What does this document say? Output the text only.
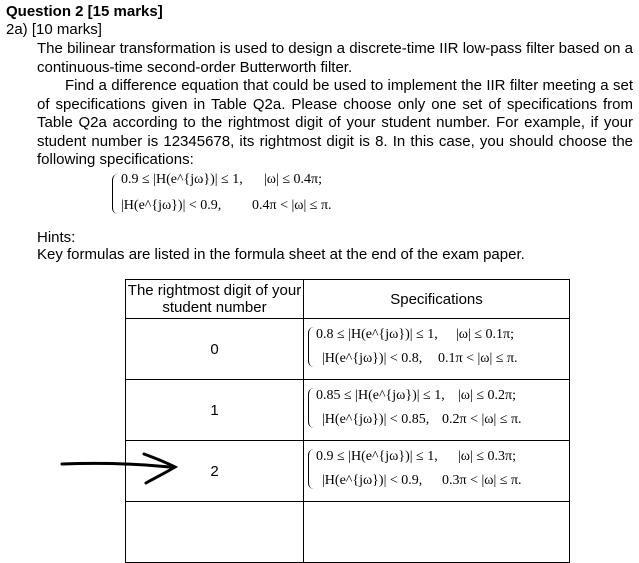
Question 2 [15 marks]
2a) [10 marks]
The bilinear transformation is used to design a discrete-time IIR low-pass filter based on a continuous-time second-order Butterworth filter.
Find a difference equation that could be used to implement the IIR filter meeting a set of specifications given in Table Q2a. Please choose only one set of specifications from Table Q2a according to the rightmost digit of your student number. For example, if your student number is 12345678, its rightmost digit is 8. In this case, you should choose the following specifications:
0.9 ≤ |H(e^{jω})| ≤ 1, |ω| ≤ 0.4π;
|H(e^{jω})| < 0.9, 0.4π < |ω| ≤ π.
Hints:
Key formulas are listed in the formula sheet at the end of the exam paper.
The rightmost digit of your student number	Specifications
0	0.8 ≤ |H(e^{jω})| ≤ 1, |ω| ≤ 0.1π;
|H(e^{jω})| < 0.8, 0.1π < |ω| ≤ π.

1	0.85 ≤ |H(e^{jω})| ≤ 1, |ω| ≤ 0.2π;
|H(e^{jω})| < 0.85, 0.2π < |ω| ≤ π.

2	0.9 ≤ |H(e^{jω})| ≤ 1, |ω| ≤ 0.3π;
|H(e^{jω})| < 0.9, 0.3π < |ω| ≤ π.
